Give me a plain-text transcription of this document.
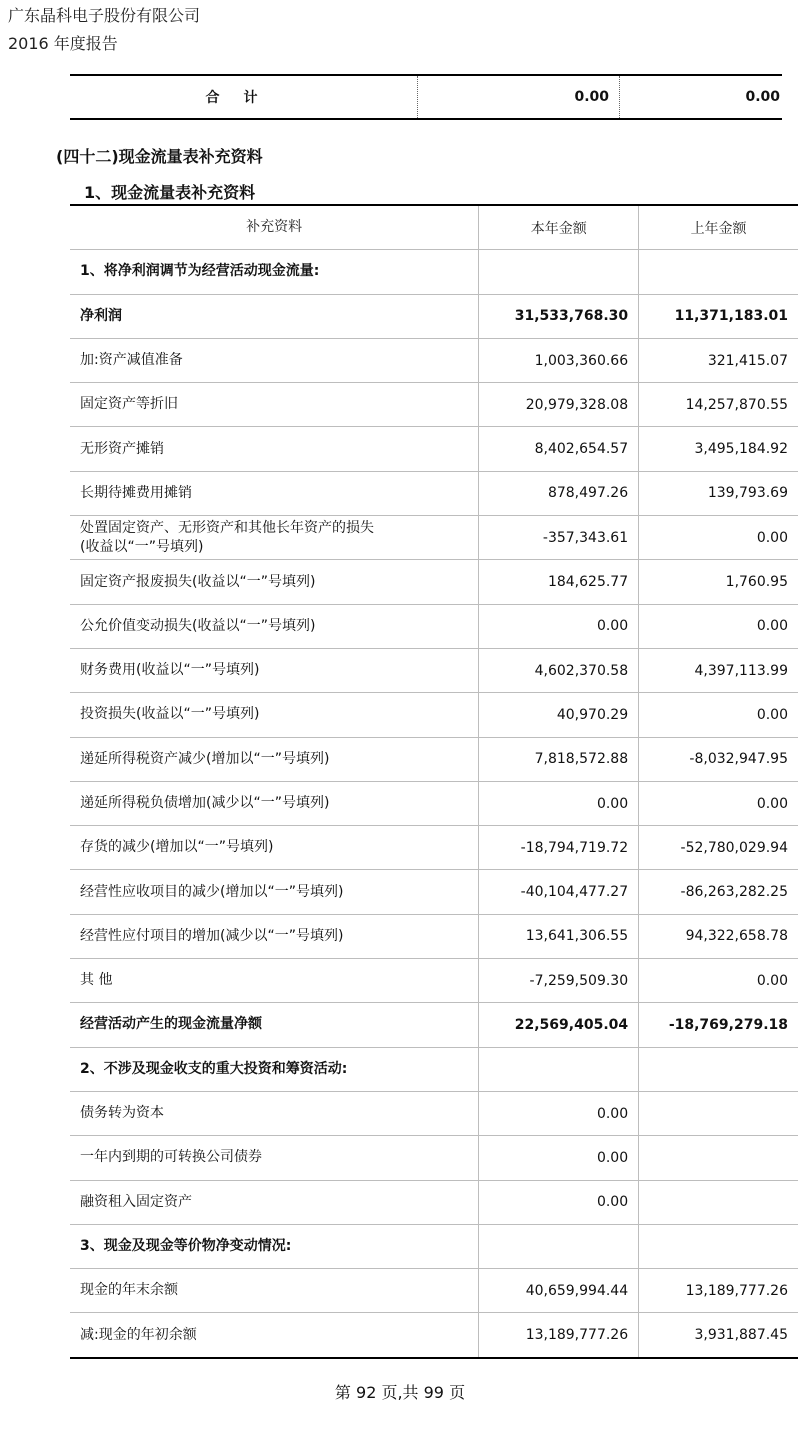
广东晶科电子股份有限公司
2016 年度报告
合计	0.00	0.00
(四十二)现金流量表补充资料
1、现金流量表补充资料
补充资料	本年金额	上年金额
1、将净利润调节为经营活动现金流量:		
净利润	31,533,768.30	11,371,183.01
加:资产减值准备	1,003,360.66	321,415.07
固定资产等折旧	20,979,328.08	14,257,870.55
无形资产摊销	8,402,654.57	3,495,184.92
长期待摊费用摊销	878,497.26	139,793.69
处置固定资产、无形资产和其他长年资产的损失
(收益以“一”号填列)	-357,343.61	0.00
固定资产报废损失(收益以“一”号填列)	184,625.77	1,760.95
公允价值变动损失(收益以“一”号填列)	0.00	0.00
财务费用(收益以“一”号填列)	4,602,370.58	4,397,113.99
投资损失(收益以“一”号填列)	40,970.29	0.00
递延所得税资产减少(增加以“一”号填列)	7,818,572.88	-8,032,947.95
递延所得税负债增加(减少以“一”号填列)	0.00	0.00
存货的减少(增加以“一”号填列)	-18,794,719.72	-52,780,029.94
经营性应收项目的减少(增加以“一”号填列)	-40,104,477.27	-86,263,282.25
经营性应付项目的增加(减少以“一”号填列)	13,641,306.55	94,322,658.78
其 他	-7,259,509.30	0.00
经营活动产生的现金流量净额	22,569,405.04	-18,769,279.18
2、不涉及现金收支的重大投资和筹资活动:		
债务转为资本	0.00	
一年内到期的可转换公司债券	0.00	
融资租入固定资产	0.00	
3、现金及现金等价物净变动情况:		
现金的年末余额	40,659,994.44	13,189,777.26
减:现金的年初余额	13,189,777.26	3,931,887.45
第 92 页,共 99 页
